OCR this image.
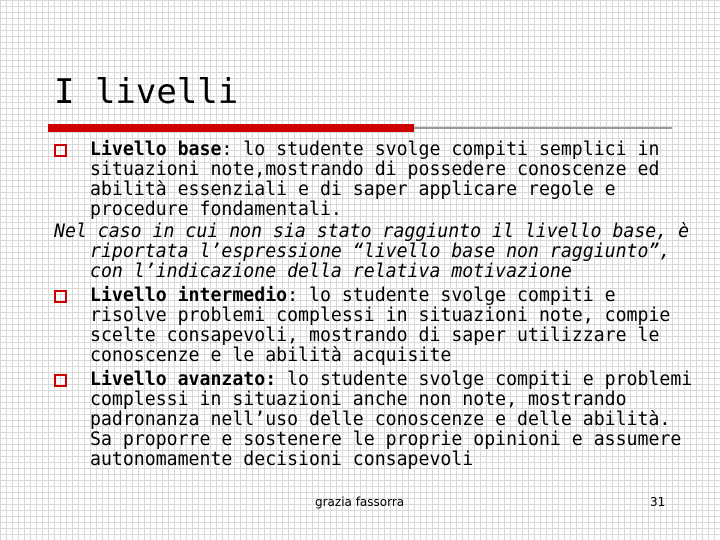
I livelli
Livello base: lo studente svolge compiti semplici in situazioni note,mostrando di possedere conoscenze ed abilità essenziali e di saper applicare regole e procedure fondamentali.
Nel caso in cui non sia stato raggiunto il livello base, è riportata l’espressione “livello base non raggiunto”, con l’indicazione della relativa motivazione
Livello intermedio: lo studente svolge compiti e risolve problemi complessi in situazioni note, compie scelte consapevoli, mostrando di saper utilizzare le conoscenze e le abilità acquisite
Livello avanzato: lo studente svolge compiti e problemi complessi in situazioni anche non note, mostrando padronanza nell’uso delle conoscenze e delle abilità. Sa proporre e sostenere le proprie opinioni e assumere autonomamente decisioni consapevoli
grazia fassorra	31
